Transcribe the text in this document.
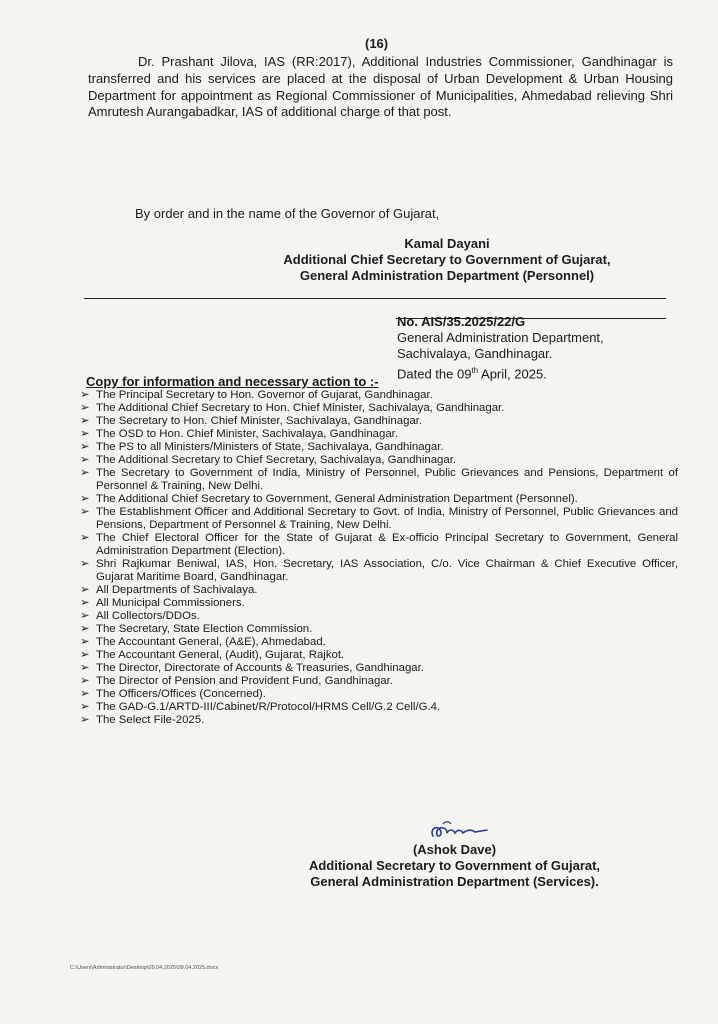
(16)
Dr. Prashant Jilova, IAS (RR:2017), Additional Industries Commissioner, Gandhinagar is transferred and his services are placed at the disposal of Urban Development & Urban Housing Department for appointment as Regional Commissioner of Municipalities, Ahmedabad relieving Shri Amrutesh Aurangabadkar, IAS of additional charge of that post.
By order and in the name of the Governor of Gujarat,
Kamal Dayani
Additional Chief Secretary to Government of Gujarat,
General Administration Department (Personnel)
No. AIS/35.2025/22/G
General Administration Department,
Sachivalaya, Gandhinagar.
Dated the 09th April, 2025.
Copy for information and necessary action to :-
➢ The Principal Secretary to Hon. Governor of Gujarat, Gandhinagar.
➢ The Additional Chief Secretary to Hon. Chief Minister, Sachivalaya, Gandhinagar.
➢ The Secretary to Hon. Chief Minister, Sachivalaya, Gandhinagar.
➢ The OSD to Hon. Chief Minister, Sachivalaya, Gandhinagar.
➢ The PS to all Ministers/Ministers of State, Sachivalaya, Gandhinagar.
➢ The Additional Secretary to Chief Secretary, Sachivalaya, Gandhinagar.
➢ The Secretary to Government of India, Ministry of Personnel, Public Grievances and Pensions, Department of Personnel & Training, New Delhi.
➢ The Additional Chief Secretary to Government, General Administration Department (Personnel).
➢ The Establishment Officer and Additional Secretary to Govt. of India, Ministry of Personnel, Public Grievances and Pensions, Department of Personnel & Training, New Delhi.
➢ The Chief Electoral Officer for the State of Gujarat & Ex-officio Principal Secretary to Government, General Administration Department (Election).
➢ Shri Rajkumar Beniwal, IAS, Hon. Secretary, IAS Association, C/o. Vice Chairman & Chief Executive Officer, Gujarat Maritime Board, Gandhinagar.
➢ All Departments of Sachivalaya.
➢ All Municipal Commissioners.
➢ All Collectors/DDOs.
➢ The Secretary, State Election Commission.
➢ The Accountant General, (A&E), Ahmedabad.
➢ The Accountant General, (Audit), Gujarat, Rajkot.
➢ The Director, Directorate of Accounts & Treasuries, Gandhinagar.
➢ The Director of Pension and Provident Fund, Gandhinagar.
➢ The Officers/Offices (Concerned).
➢ The GAD-G.1/ARTD-III/Cabinet/R/Protocol/HRMS Cell/G.2 Cell/G.4.
➢ The Select File-2025.
(Ashok Dave)
Additional Secretary to Government of Gujarat,
General Administration Department (Services).
C:\Users\Administrator\Desktop\09.04.2025\09.04.2025.docx
